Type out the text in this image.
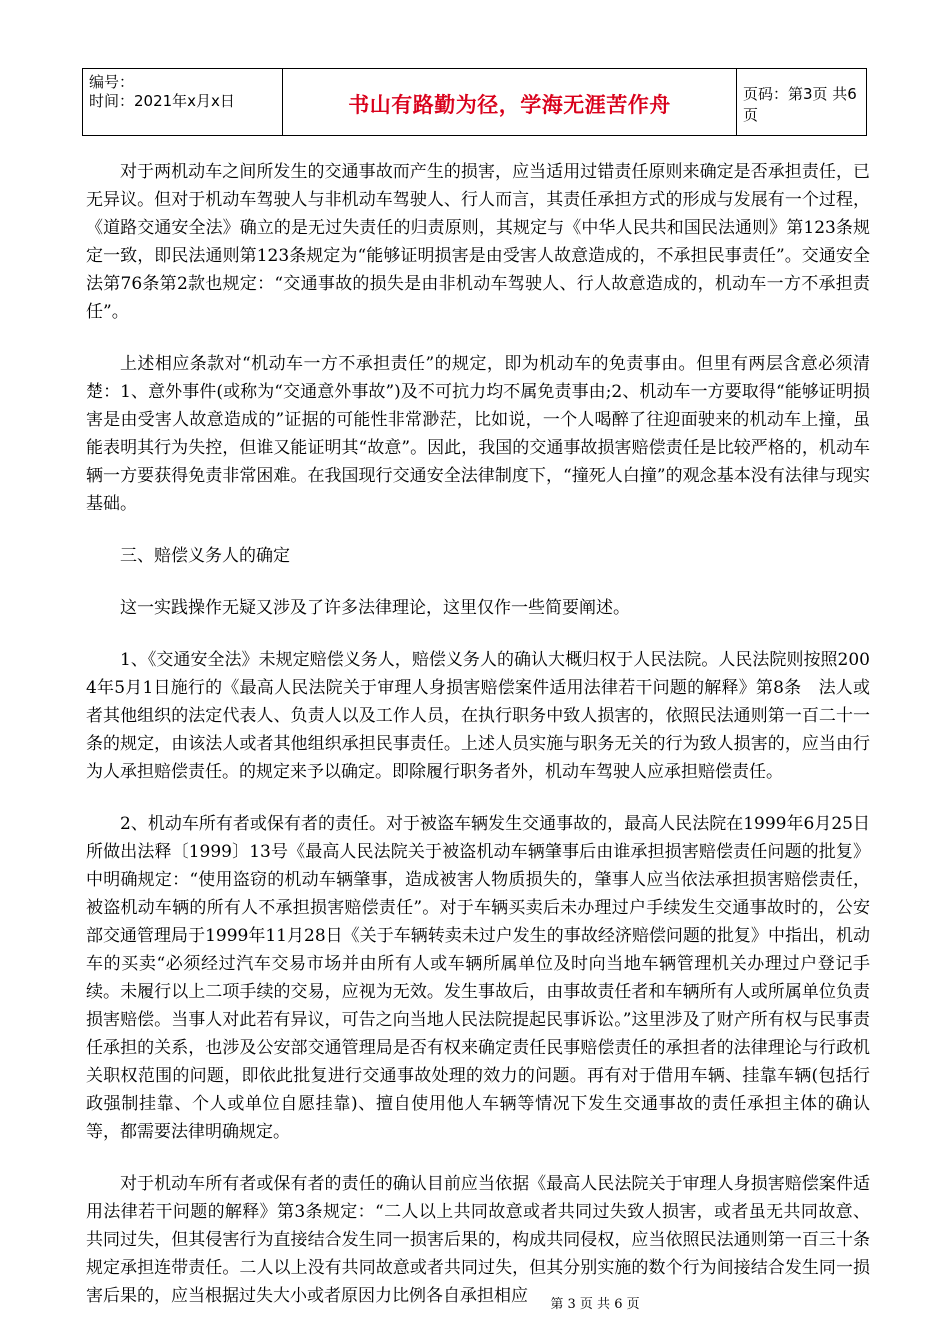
编号：
时间：2021年x月x日	书山有路勤为径，学海无涯苦作舟	页码：第3页 共6页

对于两机动车之间所发生的交通事故而产生的损害，应当适用过错责任原则来确定是否承担责任，已无异议。但对于机动车驾驶人与非机动车驾驶人、行人而言，其责任承担方式的形成与发展有一个过程，《道路交通安全法》确立的是无过失责任的归责原则，其规定与《中华人民共和国民法通则》第123条规定一致，即民法通则第123条规定为“能够证明损害是由受害人故意造成的，不承担民事责任”。交通安全法第76条第2款也规定：“交通事故的损失是由非机动车驾驶人、行人故意造成的，机动车一方不承担责任”。

上述相应条款对“机动车一方不承担责任”的规定，即为机动车的免责事由。但里有两层含意必须清楚：1、意外事件(或称为“交通意外事故”)及不可抗力均不属免责事由;2、机动车一方要取得“能够证明损害是由受害人故意造成的”证据的可能性非常渺茫，比如说，一个人喝醉了往迎面驶来的机动车上撞，虽能表明其行为失控，但谁又能证明其“故意”。因此，我国的交通事故损害赔偿责任是比较严格的，机动车辆一方要获得免责非常困难。在我国现行交通安全法律制度下，“撞死人白撞”的观念基本没有法律与现实基础。

三、赔偿义务人的确定

这一实践操作无疑又涉及了许多法律理论，这里仅作一些简要阐述。

1、《交通安全法》未规定赔偿义务人，赔偿义务人的确认大概归权于人民法院。人民法院则按照2004年5月1日施行的《最高人民法院关于审理人身损害赔偿案件适用法律若干问题的解释》第8条　法人或者其他组织的法定代表人、负责人以及工作人员，在执行职务中致人损害的，依照民法通则第一百二十一条的规定，由该法人或者其他组织承担民事责任。上述人员实施与职务无关的行为致人损害的，应当由行为人承担赔偿责任。的规定来予以确定。即除履行职务者外，机动车驾驶人应承担赔偿责任。

2、机动车所有者或保有者的责任。对于被盗车辆发生交通事故的，最高人民法院在1999年6月25日所做出法释〔1999〕13号《最高人民法院关于被盗机动车辆肇事后由谁承担损害赔偿责任问题的批复》中明确规定：“使用盗窃的机动车辆肇事，造成被害人物质损失的，肇事人应当依法承担损害赔偿责任，被盗机动车辆的所有人不承担损害赔偿责任”。对于车辆买卖后未办理过户手续发生交通事故时的，公安部交通管理局于1999年11月28日《关于车辆转卖未过户发生的事故经济赔偿问题的批复》中指出，机动车的买卖“必须经过汽车交易市场并由所有人或车辆所属单位及时向当地车辆管理机关办理过户登记手续。未履行以上二项手续的交易，应视为无效。发生事故后，由事故责任者和车辆所有人或所属单位负责损害赔偿。当事人对此若有异议，可告之向当地人民法院提起民事诉讼。”这里涉及了财产所有权与民事责任承担的关系，也涉及公安部交通管理局是否有权来确定责任民事赔偿责任的承担者的法律理论与行政机关职权范围的问题，即依此批复进行交通事故处理的效力的问题。再有对于借用车辆、挂靠车辆(包括行政强制挂靠、个人或单位自愿挂靠)、擅自使用他人车辆等情况下发生交通事故的责任承担主体的确认等，都需要法律明确规定。

对于机动车所有者或保有者的责任的确认目前应当依据《最高人民法院关于审理人身损害赔偿案件适用法律若干问题的解释》第3条规定：“二人以上共同故意或者共同过失致人损害，或者虽无共同故意、共同过失，但其侵害行为直接结合发生同一损害后果的，构成共同侵权，应当依照民法通则第一百三十条规定承担连带责任。二人以上没有共同故意或者共同过失，但其分别实施的数个行为间接结合发生同一损害后果的，应当根据过失大小或者原因力比例各自承担相应	第 3 页 共 6 页
